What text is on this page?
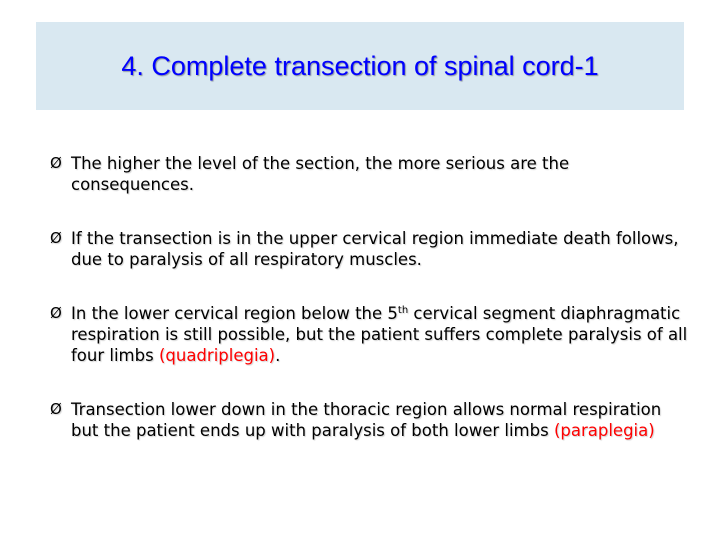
4. Complete transection of spinal cord-1
Ø The higher the level of the section, the more serious are the consequences.
Ø If the transection is in the upper cervical region immediate death follows, due to paralysis of all respiratory muscles.
Ø In the lower cervical region below the 5th cervical segment diaphragmatic respiration is still possible, but the patient suffers complete paralysis of all four limbs (quadriplegia).
Ø Transection lower down in the thoracic region allows normal respiration but the patient ends up with paralysis of both lower limbs (paraplegia)
